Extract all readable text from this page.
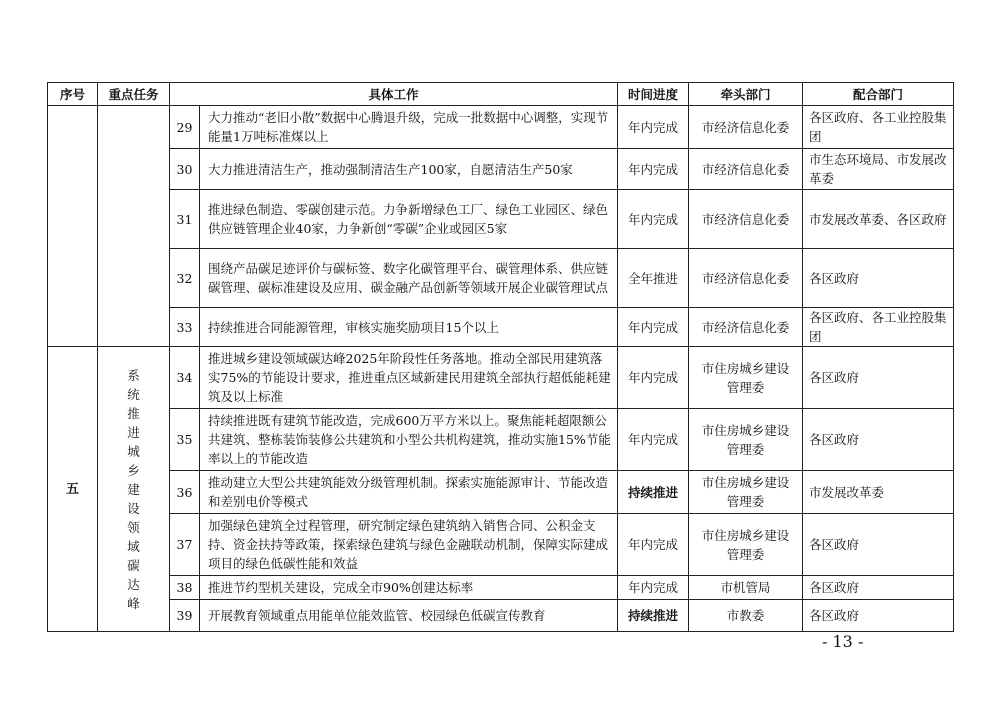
序号	重点任务	具体工作		时间进度	牵头部门	配合部门
		29	大力推动“老旧小散”数据中心腾退升级，完成一批数据中心调整，实现节能量1万吨标准煤以上	年内完成	市经济信息化委	各区政府、各工业控股集团
		30	大力推进清洁生产，推动强制清洁生产100家，自愿清洁生产50家	年内完成	市经济信息化委	市生态环境局、市发展改革委
		31	推进绿色制造、零碳创建示范。力争新增绿色工厂、绿色工业园区、绿色供应链管理企业40家，力争新创“零碳”企业或园区5家	年内完成	市经济信息化委	市发展改革委、各区政府
		32	围绕产品碳足迹评价与碳标签、数字化碳管理平台、碳管理体系、供应链碳管理、碳标准建设及应用、碳金融产品创新等领域开展企业碳管理试点	全年推进	市经济信息化委	各区政府
		33	持续推进合同能源管理，审核实施奖励项目15个以上	年内完成	市经济信息化委	各区政府、各工业控股集团
五	系统推进城乡建设领域碳达峰	34	推进城乡建设领域碳达峰2025年阶段性任务落地。推动全部民用建筑落实75%的节能设计要求，推进重点区域新建民用建筑全部执行超低能耗建筑及以上标准	年内完成	市住房城乡建设管理委	各区政府
		35	持续推进既有建筑节能改造，完成600万平方米以上。聚焦能耗超限额公共建筑、整栋装饰装修公共建筑和小型公共机构建筑，推动实施15%节能率以上的节能改造	年内完成	市住房城乡建设管理委	各区政府
		36	推动建立大型公共建筑能效分级管理机制。探索实施能源审计、节能改造和差别电价等模式	持续推进	市住房城乡建设管理委	市发展改革委
		37	加强绿色建筑全过程管理，研究制定绿色建筑纳入销售合同、公积金支持、资金扶持等政策，探索绿色建筑与绿色金融联动机制，保障实际建成项目的绿色低碳性能和效益	年内完成	市住房城乡建设管理委	各区政府
		38	推进节约型机关建设，完成全市90%创建达标率	年内完成	市机管局	各区政府
		39	开展教育领域重点用能单位能效监管、校园绿色低碳宣传教育	持续推进	市教委	各区政府
- 13 -
